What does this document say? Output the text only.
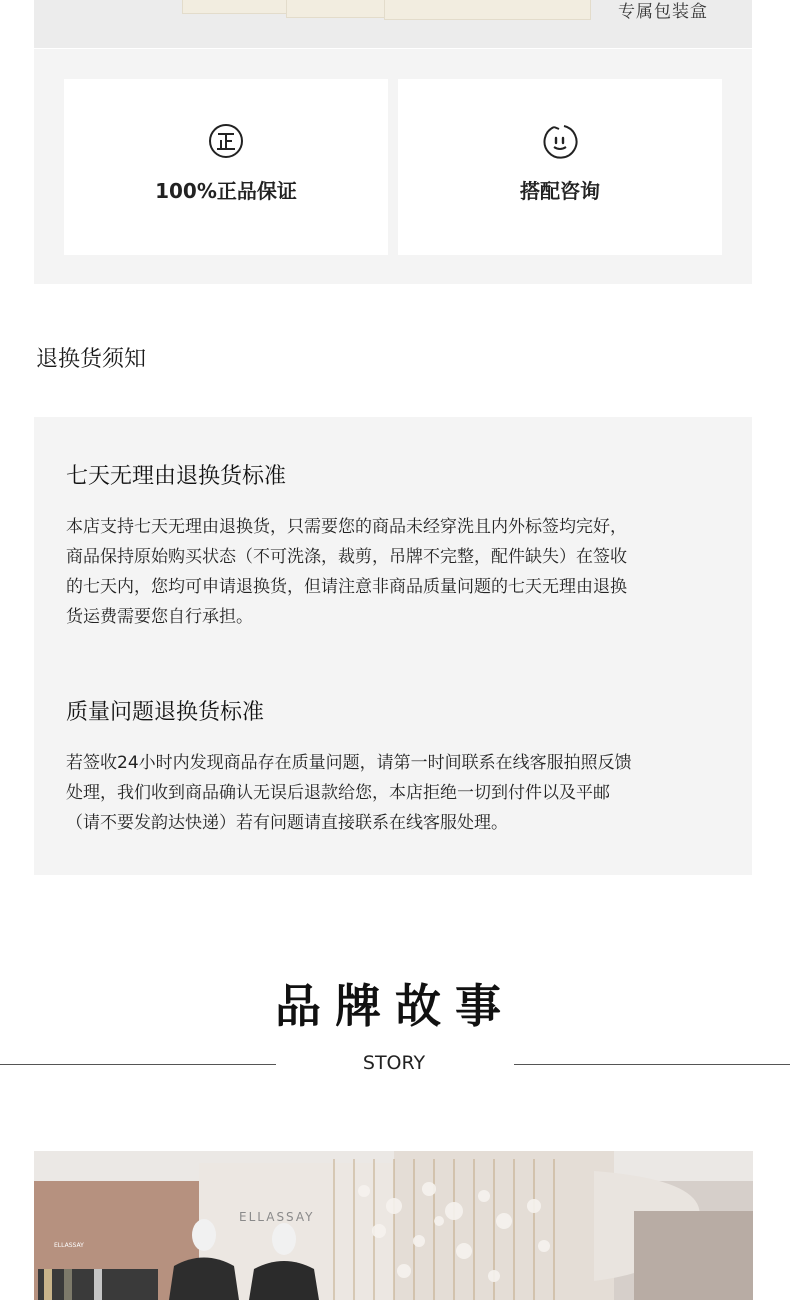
专属包装盒
100%正品保证	搭配咨询
退换货须知
七天无理由退换货标准
本店支持七天无理由退换货，只需要您的商品未经穿洗且内外标签均完好，
商品保持原始购买状态（不可洗涤，裁剪，吊牌不完整，配件缺失）在签收
的七天内，您均可申请退换货，但请注意非商品质量问题的七天无理由退换
货运费需要您自行承担。
质量问题退换货标准
若签收24小时内发现商品存在质量问题，请第一时间联系在线客服拍照反馈
处理，我们收到商品确认无误后退款给您，本店拒绝一切到付件以及平邮
（请不要发韵达快递）若有问题请直接联系在线客服处理。
品牌故事
STORY
ELLASSAY
ELLASSAY
